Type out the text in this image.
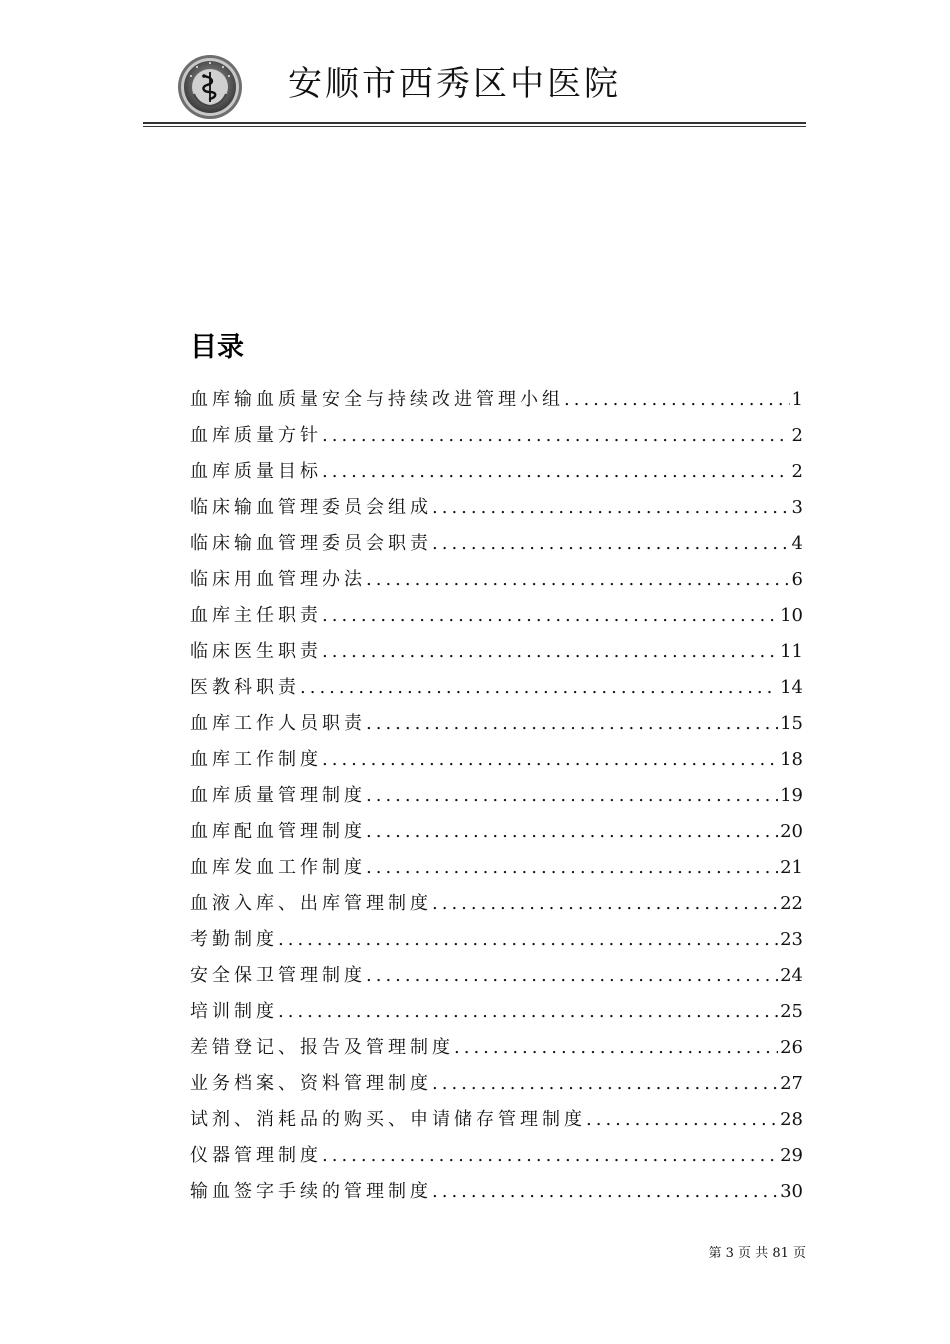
安顺市西秀区中医院
目录
血库输血质量安全与持续改进管理小组 .....	1
血库质量方针 .....	2
血库质量目标 .....	2
临床输血管理委员会组成 .....	3
临床输血管理委员会职责 .....	4
临床用血管理办法 .....	6
血库主任职责 .....	10
临床医生职责 .....	11
医教科职责 .....	14
血库工作人员职责 .....	15
血库工作制度 .....	18
血库质量管理制度 .....	19
血库配血管理制度 .....	20
血库发血工作制度 .....	21
血液入库、出库管理制度 .....	22
考勤制度 .....	23
安全保卫管理制度 .....	24
培训制度 .....	25
差错登记、报告及管理制度 .....	26
业务档案、资料管理制度 .....	27
试剂、消耗品的购买、申请储存管理制度 .....	28
仪器管理制度 .....	29
输血签字手续的管理制度 .....	30
第 3 页 共 81 页
